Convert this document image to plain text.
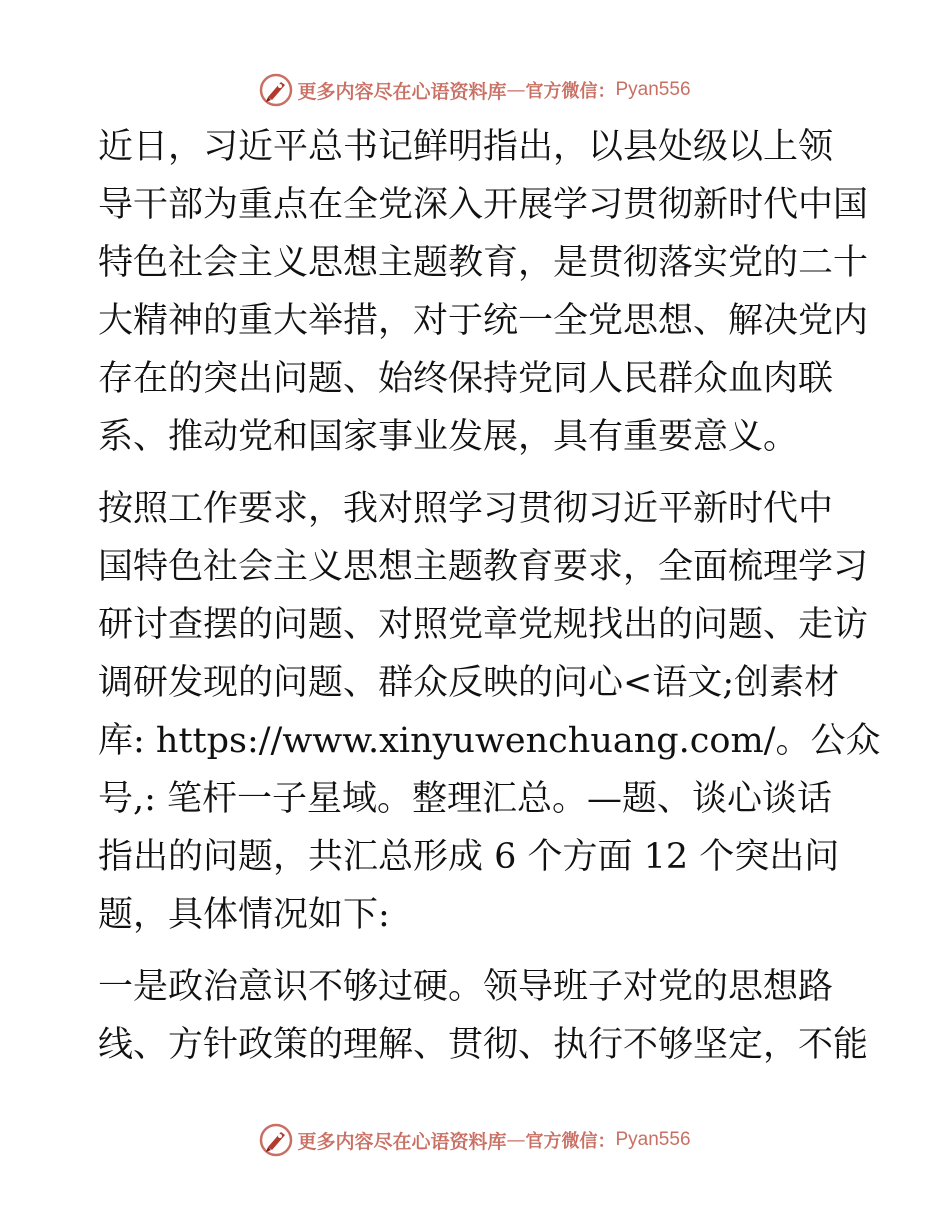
更多内容尽在心语资料库 — 官方微信： Pyan556
近日，习近平总书记鲜明指出，以县处级以上领
导干部为重点在全党深入开展学习贯彻新时代中国
特色社会主义思想主题教育，是贯彻落实党的二十
大精神的重大举措，对于统一全党思想、解决党内
存在的突出问题、始终保持党同人民群众血肉联
系、推动党和国家事业发展，具有重要意义。
按照工作要求，我对照学习贯彻习近平新时代中
国特色社会主义思想主题教育要求，全面梳理学习
研讨查摆的问题、对照党章党规找出的问题、走访
调研发现的问题、群众反映的问心<语文;创素材
库: https://www.xinyuwenchuang.com/。公众
号,: 笔杆一子星域。整理汇总。—题、谈心谈话
指出的问题，共汇总形成 6 个方面 12 个突出问
题，具体情况如下:
一是政治意识不够过硬。领导班子对党的思想路
线、方针政策的理解、贯彻、执行不够坚定，不能
更多内容尽在心语资料库 — 官方微信： Pyan556
